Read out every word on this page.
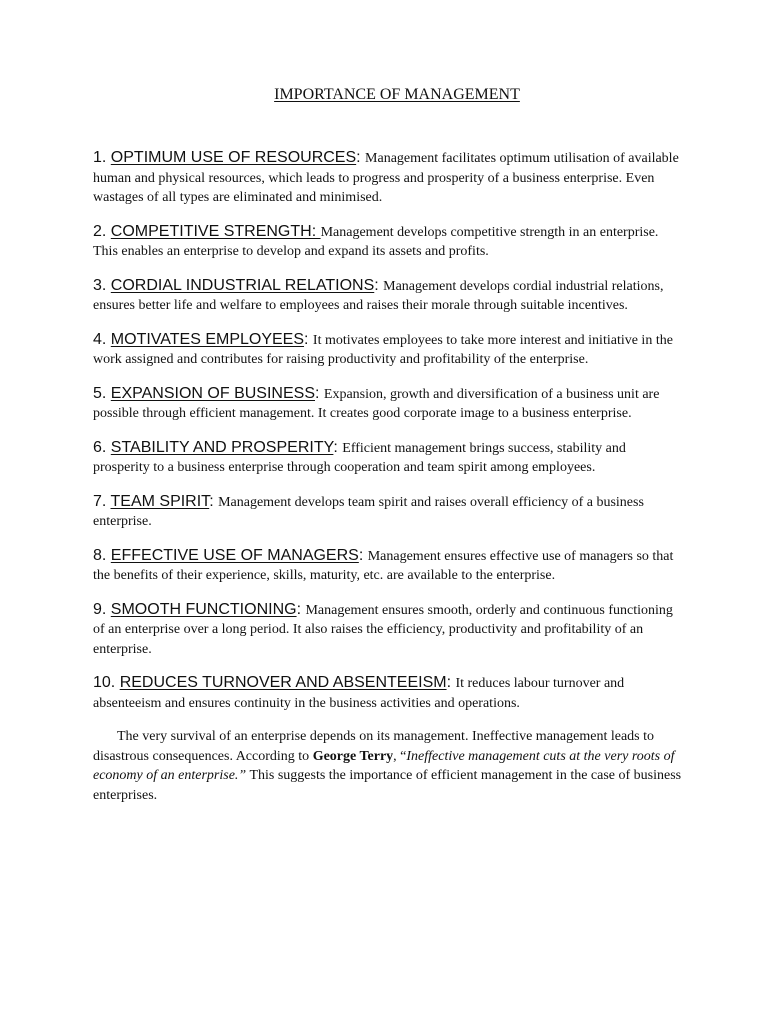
IMPORTANCE OF MANAGEMENT
1. OPTIMUM USE OF RESOURCES: Management facilitates optimum utilisation of available human and physical resources, which leads to progress and prosperity of a business enterprise. Even wastages of all types are eliminated and minimised.
2. COMPETITIVE STRENGTH: Management develops competitive strength in an enterprise. This enables an enterprise to develop and expand its assets and profits.
3. CORDIAL INDUSTRIAL RELATIONS: Management develops cordial industrial relations, ensures better life and welfare to employees and raises their morale through suitable incentives.
4. MOTIVATES EMPLOYEES: It motivates employees to take more interest and initiative in the work assigned and contributes for raising productivity and profitability of the enterprise.
5. EXPANSION OF BUSINESS: Expansion, growth and diversification of a business unit are possible through efficient management. It creates good corporate image to a business enterprise.
6. STABILITY AND PROSPERITY: Efficient management brings success, stability and prosperity to a business enterprise through cooperation and team spirit among employees.
7. TEAM SPIRIT: Management develops team spirit and raises overall efficiency of a business enterprise.
8. EFFECTIVE USE OF MANAGERS: Management ensures effective use of managers so that the benefits of their experience, skills, maturity, etc. are available to the enterprise.
9. SMOOTH FUNCTIONING: Management ensures smooth, orderly and continuous functioning of an enterprise over a long period. It also raises the efficiency, productivity and profitability of an enterprise.
10. REDUCES TURNOVER AND ABSENTEEISM: It reduces labour turnover and absenteeism and ensures continuity in the business activities and operations.

The very survival of an enterprise depends on its management. Ineffective management leads to disastrous consequences. According to George Terry, “Ineffective management cuts at the very roots of economy of an enterprise.” This suggests the importance of efficient management in the case of business enterprises.
